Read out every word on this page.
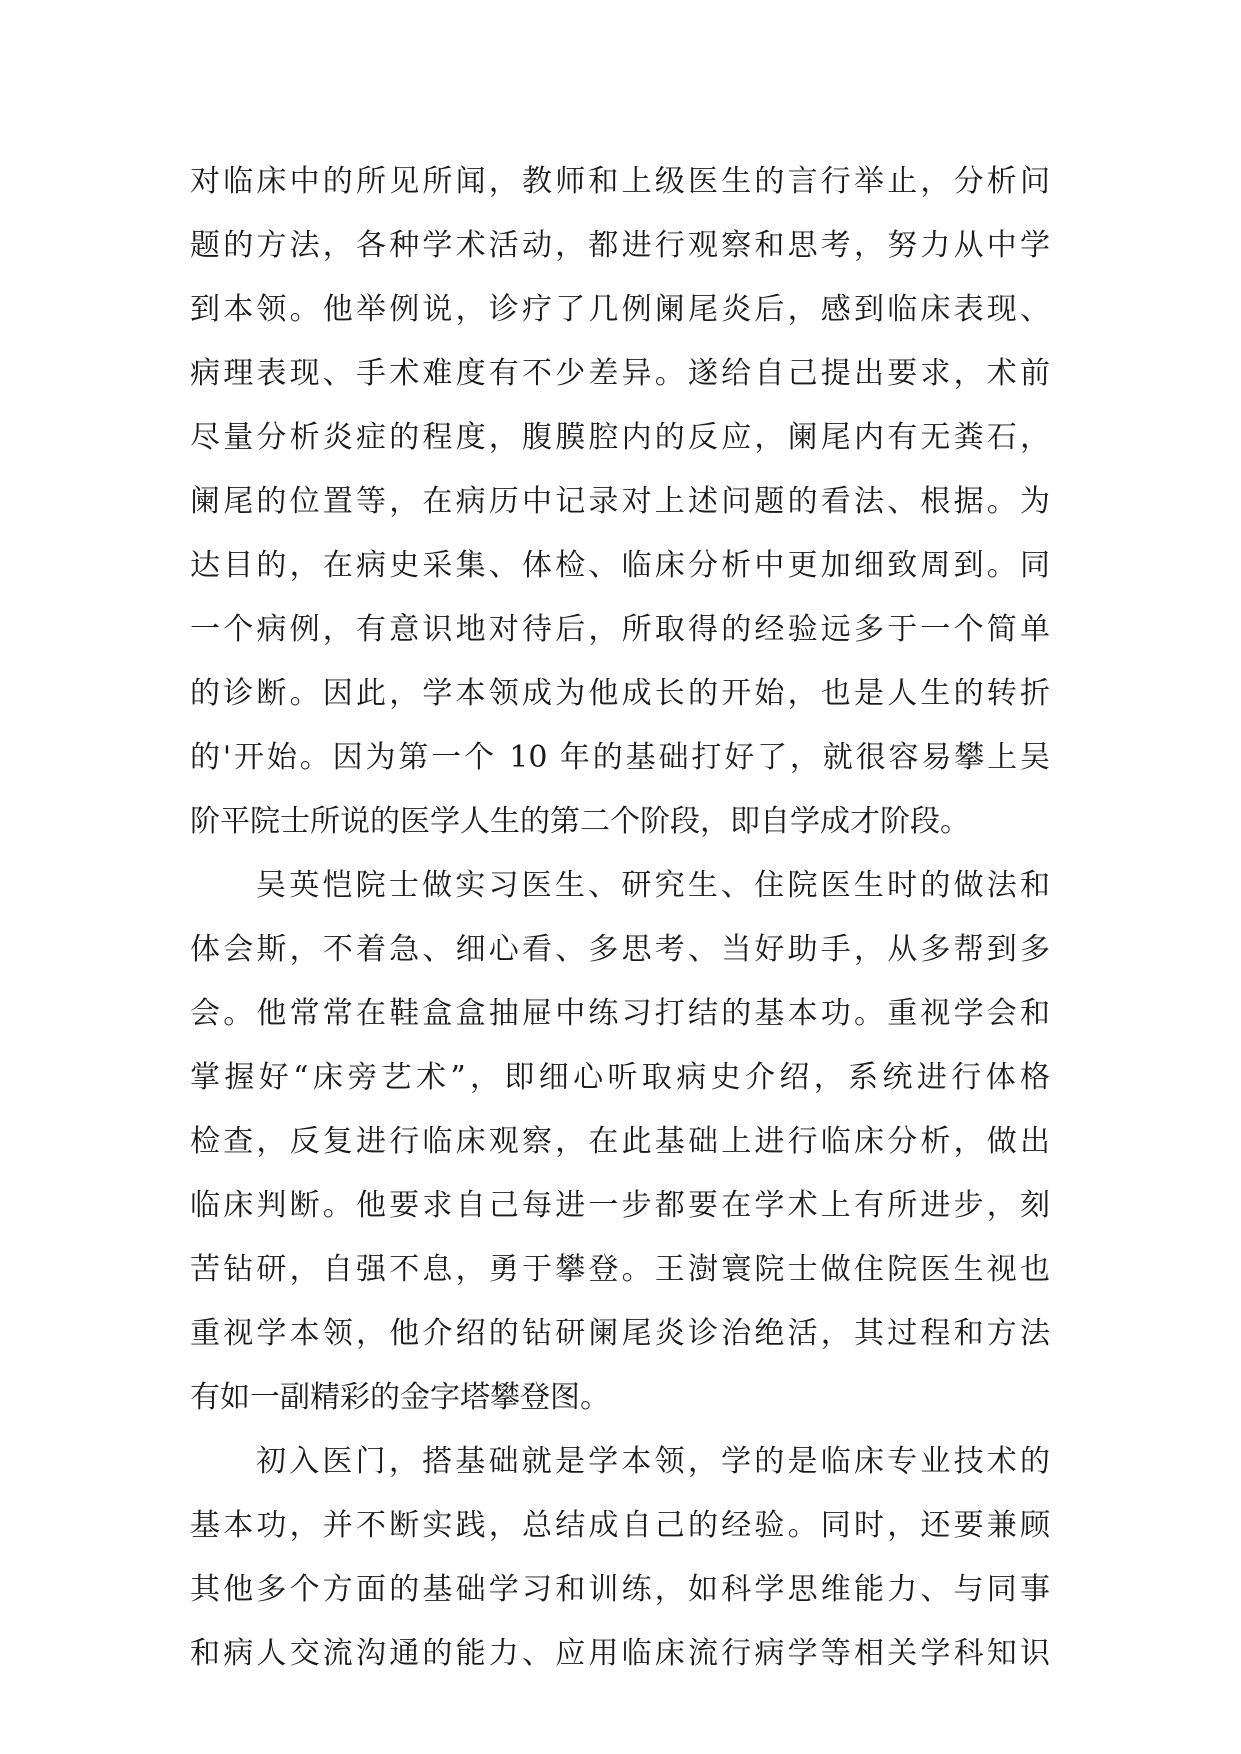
对临床中的所见所闻，教师和上级医生的言行举止，分析问
题的方法，各种学术活动，都进行观察和思考，努力从中学
到本领。他举例说，诊疗了几例阑尾炎后，感到临床表现、
病理表现、手术难度有不少差异。遂给自己提出要求，术前
尽量分析炎症的程度，腹膜腔内的反应，阑尾内有无粪石，
阑尾的位置等，在病历中记录对上述问题的看法、根据。为
达目的，在病史采集、体检、临床分析中更加细致周到。同
一个病例，有意识地对待后，所取得的经验远多于一个简单
的诊断。因此，学本领成为他成长的开始，也是人生的转折
的'开始。因为第一个 10 年的基础打好了，就很容易攀上吴
阶平院士所说的医学人生的第二个阶段，即自学成才阶段。
吴英恺院士做实习医生、研究生、住院医生时的做法和
体会斯，不着急、细心看、多思考、当好助手，从多帮到多
会。他常常在鞋盒盒抽屉中练习打结的基本功。重视学会和
掌握好“床旁艺术”，即细心听取病史介绍，系统进行体格
检查，反复进行临床观察，在此基础上进行临床分析，做出
临床判断。他要求自己每进一步都要在学术上有所进步，刻
苦钻研，自强不息，勇于攀登。王澍寰院士做住院医生视也
重视学本领，他介绍的钻研阑尾炎诊治绝活，其过程和方法
有如一副精彩的金字塔攀登图。
初入医门，搭基础就是学本领，学的是临床专业技术的
基本功，并不断实践，总结成自己的经验。同时，还要兼顾
其他多个方面的基础学习和训练，如科学思维能力、与同事
和病人交流沟通的能力、应用临床流行病学等相关学科知识
